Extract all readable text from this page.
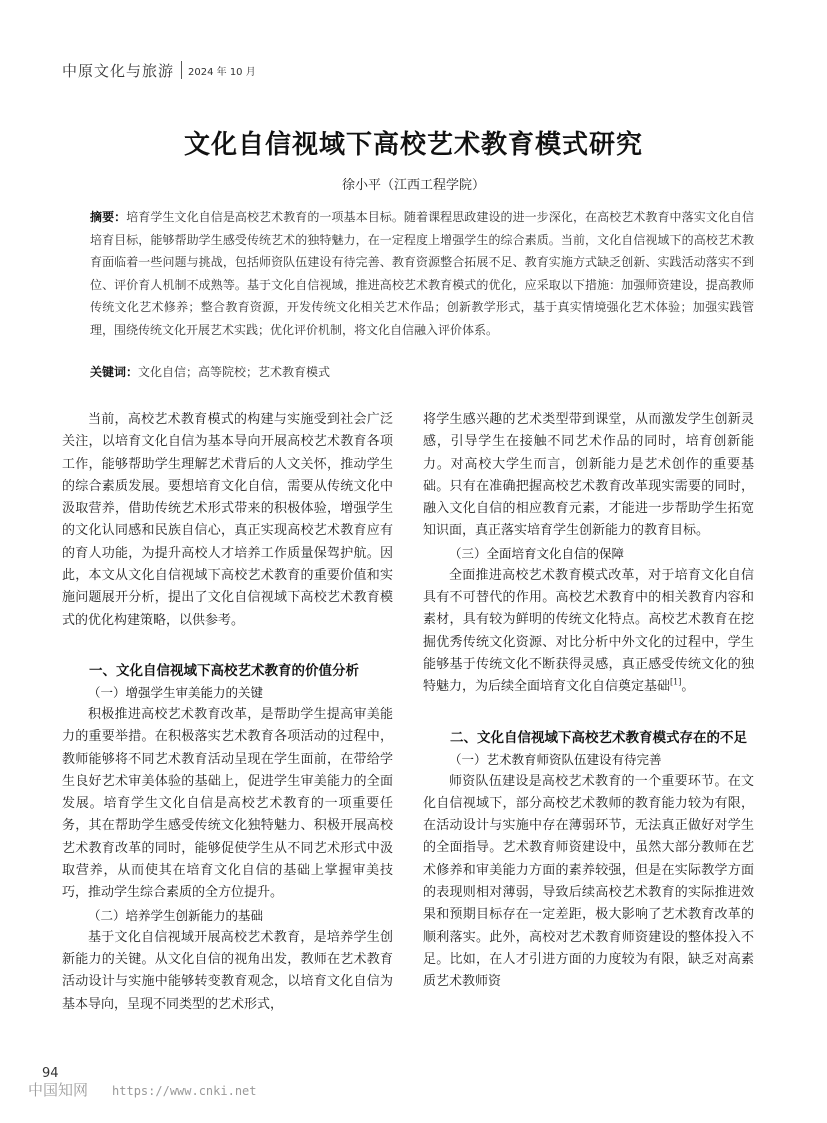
中原文化与旅游 2024 年 10 月
文化自信视域下高校艺术教育模式研究
徐小平（江西工程学院）
摘要：培育学生文化自信是高校艺术教育的一项基本目标。随着课程思政建设的进一步深化，在高校艺术教育中落实文化自信培育目标，能够帮助学生感受传统艺术的独特魅力，在一定程度上增强学生的综合素质。当前，文化自信视域下的高校艺术教育面临着一些问题与挑战，包括师资队伍建设有待完善、教育资源整合拓展不足、教育实施方式缺乏创新、实践活动落实不到位、评价育人机制不成熟等。基于文化自信视域，推进高校艺术教育模式的优化，应采取以下措施：加强师资建设，提高教师传统文化艺术修养；整合教育资源，开发传统文化相关艺术作品；创新教学形式，基于真实情境强化艺术体验；加强实践管理，围绕传统文化开展艺术实践；优化评价机制，将文化自信融入评价体系。
关键词：文化自信；高等院校；艺术教育模式

当前，高校艺术教育模式的构建与实施受到社会广泛关注，以培育文化自信为基本导向开展高校艺术教育各项工作，能够帮助学生理解艺术背后的人文关怀，推动学生的综合素质发展。要想培育文化自信，需要从传统文化中汲取营养，借助传统艺术形式带来的积极体验，增强学生的文化认同感和民族自信心，真正实现高校艺术教育应有的育人功能，为提升高校人才培养工作质量保驾护航。因此，本文从文化自信视域下高校艺术教育的重要价值和实施问题展开分析，提出了文化自信视域下高校艺术教育模式的优化构建策略，以供参考。

一、文化自信视域下高校艺术教育的价值分析
（一）增强学生审美能力的关键

积极推进高校艺术教育改革，是帮助学生提高审美能力的重要举措。在积极落实艺术教育各项活动的过程中，教师能够将不同艺术教育活动呈现在学生面前，在带给学生良好艺术审美体验的基础上，促进学生审美能力的全面发展。培育学生文化自信是高校艺术教育的一项重要任务，其在帮助学生感受传统文化独特魅力、积极开展高校艺术教育改革的同时，能够促使学生从不同艺术形式中汲取营养，从而使其在培育文化自信的基础上掌握审美技巧，推动学生综合素质的全方位提升。

（二）培养学生创新能力的基础

基于文化自信视域开展高校艺术教育，是培养学生创新能力的关键。从文化自信的视角出发，教师在艺术教育活动设计与实施中能够转变教育观念，以培育文化自信为基本导向，呈现不同类型的艺术形式，

将学生感兴趣的艺术类型带到课堂，从而激发学生创新灵感，引导学生在接触不同艺术作品的同时，培育创新能力。对高校大学生而言，创新能力是艺术创作的重要基础。只有在准确把握高校艺术教育改革现实需要的同时，融入文化自信的相应教育元素，才能进一步帮助学生拓宽知识面，真正落实培育学生创新能力的教育目标。

（三）全面培育文化自信的保障

全面推进高校艺术教育模式改革，对于培育文化自信具有不可替代的作用。高校艺术教育中的相关教育内容和素材，具有较为鲜明的传统文化特点。高校艺术教育在挖掘优秀传统文化资源、对比分析中外文化的过程中，学生能够基于传统文化不断获得灵感，真正感受传统文化的独特魅力，为后续全面培育文化自信奠定基础[1]。

二、文化自信视域下高校艺术教育模式存在的不足
（一）艺术教育师资队伍建设有待完善

师资队伍建设是高校艺术教育的一个重要环节。在文化自信视域下，部分高校艺术教师的教育能力较为有限，在活动设计与实施中存在薄弱环节，无法真正做好对学生的全面指导。艺术教育师资建设中，虽然大部分教师在艺术修养和审美能力方面的素养较强，但是在实际教学方面的表现则相对薄弱，导致后续高校艺术教育的实际推进效果和预期目标存在一定差距，极大影响了艺术教育改革的顺利落实。此外，高校对艺术教育师资建设的整体投入不足。比如，在人才引进方面的力度较为有限，缺乏对高素质艺术教师资

94
中国知网 https://www.cnki.net
